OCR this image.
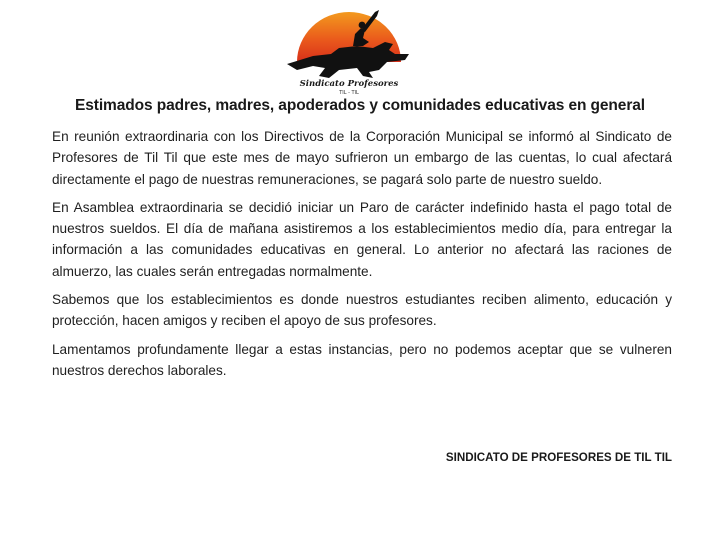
Sindicato Profesores
TIL - TIL
Estimados padres, madres, apoderados y comunidades educativas en general

En reunión extraordinaria con los Directivos de la Corporación Municipal se informó al Sindicato de Profesores de Til Til que este mes de mayo sufrieron un embargo de las cuentas, lo cual afectará directamente el pago de nuestras remuneraciones, se pagará solo parte de nuestro sueldo.

En Asamblea extraordinaria se decidió iniciar un Paro de carácter indefinido hasta el pago total de nuestros sueldos. El día de mañana asistiremos a los establecimientos medio día, para entregar la información a las comunidades educativas en general. Lo anterior no afectará las raciones de almuerzo, las cuales serán entregadas normalmente.

Sabemos que los establecimientos es donde nuestros estudiantes reciben alimento, educación y protección, hacen amigos y reciben el apoyo de sus profesores.

Lamentamos profundamente llegar a estas instancias, pero no podemos aceptar que se vulneren nuestros derechos laborales.

SINDICATO DE PROFESORES DE TIL TIL
